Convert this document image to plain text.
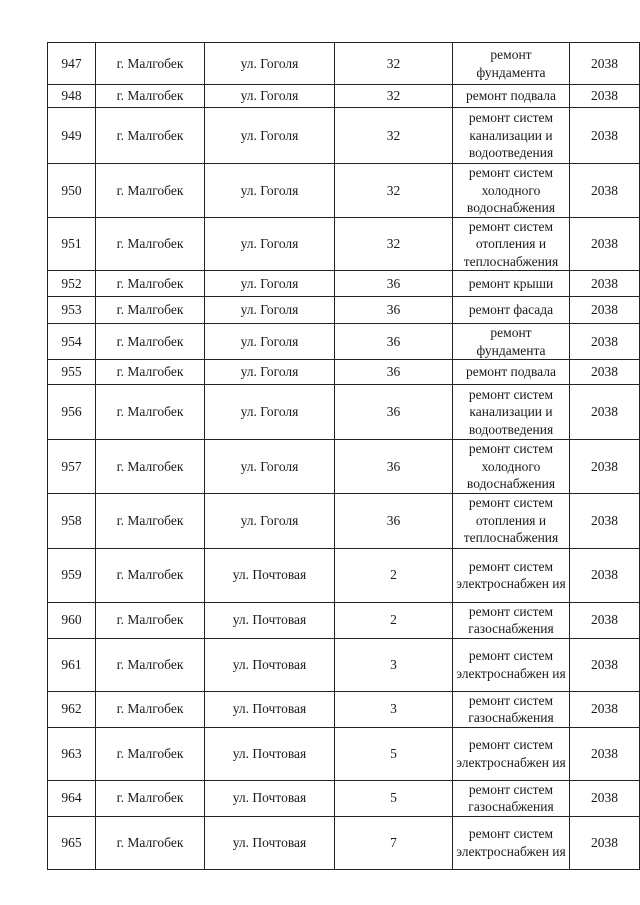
947	г. Малгобек	ул. Гоголя	32	ремонт фундамента	2038
948	г. Малгобек	ул. Гоголя	32	ремонт подвала	2038
949	г. Малгобек	ул. Гоголя	32	ремонт систем канализации и водоотведения	2038
950	г. Малгобек	ул. Гоголя	32	ремонт систем холодного водоснабжения	2038
951	г. Малгобек	ул. Гоголя	32	ремонт систем отопления и теплоснабжения	2038
952	г. Малгобек	ул. Гоголя	36	ремонт крыши	2038
953	г. Малгобек	ул. Гоголя	36	ремонт фасада	2038
954	г. Малгобек	ул. Гоголя	36	ремонт фундамента	2038
955	г. Малгобек	ул. Гоголя	36	ремонт подвала	2038
956	г. Малгобек	ул. Гоголя	36	ремонт систем канализации и водоотведения	2038
957	г. Малгобек	ул. Гоголя	36	ремонт систем холодного водоснабжения	2038
958	г. Малгобек	ул. Гоголя	36	ремонт систем отопления и теплоснабжения	2038
959	г. Малгобек	ул. Почтовая	2	ремонт систем электроснабжен ия	2038
960	г. Малгобек	ул. Почтовая	2	ремонт систем газоснабжения	2038
961	г. Малгобек	ул. Почтовая	3	ремонт систем электроснабжен ия	2038
962	г. Малгобек	ул. Почтовая	3	ремонт систем газоснабжения	2038
963	г. Малгобек	ул. Почтовая	5	ремонт систем электроснабжен ия	2038
964	г. Малгобек	ул. Почтовая	5	ремонт систем газоснабжения	2038
965	г. Малгобек	ул. Почтовая	7	ремонт систем электроснабжен ия	2038
